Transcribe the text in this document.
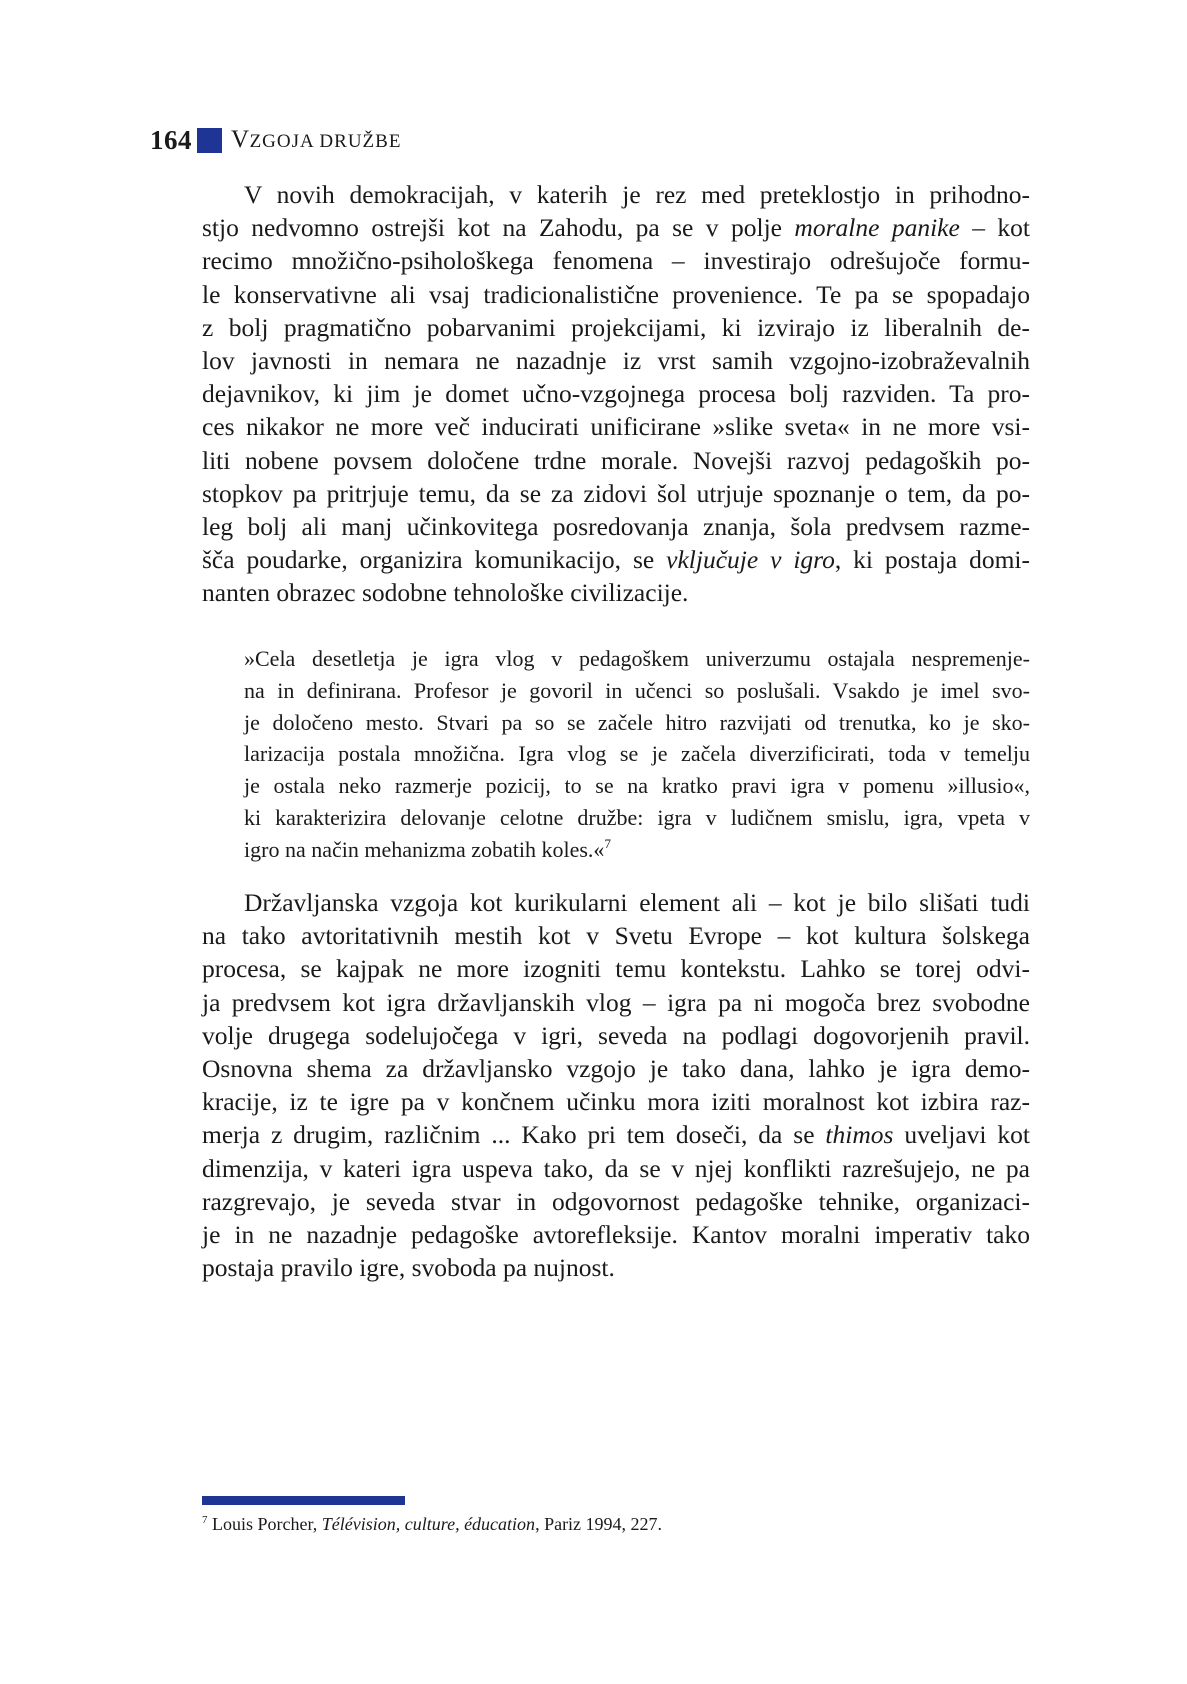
164 VZGOJA DRUŽBE
V novih demokracijah, v katerih je rez med preteklostjo in prihodno-
stjo nedvomno ostrejši kot na Zahodu, pa se v polje moralne panike – kot
recimo množično-psihološkega fenomena – investirajo odrešujoče formu-
le konservativne ali vsaj tradicionalistične provenience. Te pa se spopadajo
z bolj pragmatično pobarvanimi projekcijami, ki izvirajo iz liberalnih de-
lov javnosti in nemara ne nazadnje iz vrst samih vzgojno-izobraževalnih
dejavnikov, ki jim je domet učno-vzgojnega procesa bolj razviden. Ta pro-
ces nikakor ne more več inducirati unificirane »slike sveta« in ne more vsi-
liti nobene povsem določene trdne morale. Novejši razvoj pedagoških po-
stopkov pa pritrjuje temu, da se za zidovi šol utrjuje spoznanje o tem, da po-
leg bolj ali manj učinkovitega posredovanja znanja, šola predvsem razme-
šča poudarke, organizira komunikacijo, se vključuje v igro, ki postaja domi-
nanten obrazec sodobne tehnološke civilizacije.
»Cela desetletja je igra vlog v pedagoškem univerzumu ostajala nespremenje-
na in definirana. Profesor je govoril in učenci so poslušali. Vsakdo je imel svo-
je določeno mesto. Stvari pa so se začele hitro razvijati od trenutka, ko je sko-
larizacija postala množična. Igra vlog se je začela diverzificirati, toda v temelju
je ostala neko razmerje pozicij, to se na kratko pravi igra v pomenu »illusio«,
ki karakterizira delovanje celotne družbe: igra v ludičnem smislu, igra, vpeta v
igro na način mehanizma zobatih koles.«$^7$
Državljanska vzgoja kot kurikularni element ali – kot je bilo slišati tudi
na tako avtoritativnih mestih kot v Svetu Evrope – kot kultura šolskega
procesa, se kajpak ne more izogniti temu kontekstu. Lahko se torej odvi-
ja predvsem kot igra državljanskih vlog – igra pa ni mogoča brez svobodne
volje drugega sodelujočega v igri, seveda na podlagi dogovorjenih pravil.
Osnovna shema za državljansko vzgojo je tako dana, lahko je igra demo-
kracije, iz te igre pa v končnem učinku mora iziti moralnost kot izbira raz-
merja z drugim, različnim ... Kako pri tem doseči, da se thimos uveljavi kot
dimenzija, v kateri igra uspeva tako, da se v njej konflikti razrešujejo, ne pa
razgrevajo, je seveda stvar in odgovornost pedagoške tehnike, organizaci-
je in ne nazadnje pedagoške avtorefleksije. Kantov moralni imperativ tako
postaja pravilo igre, svoboda pa nujnost.
$^7$ Louis Porcher, Télévision, culture, éducation, Pariz 1994, 227.
